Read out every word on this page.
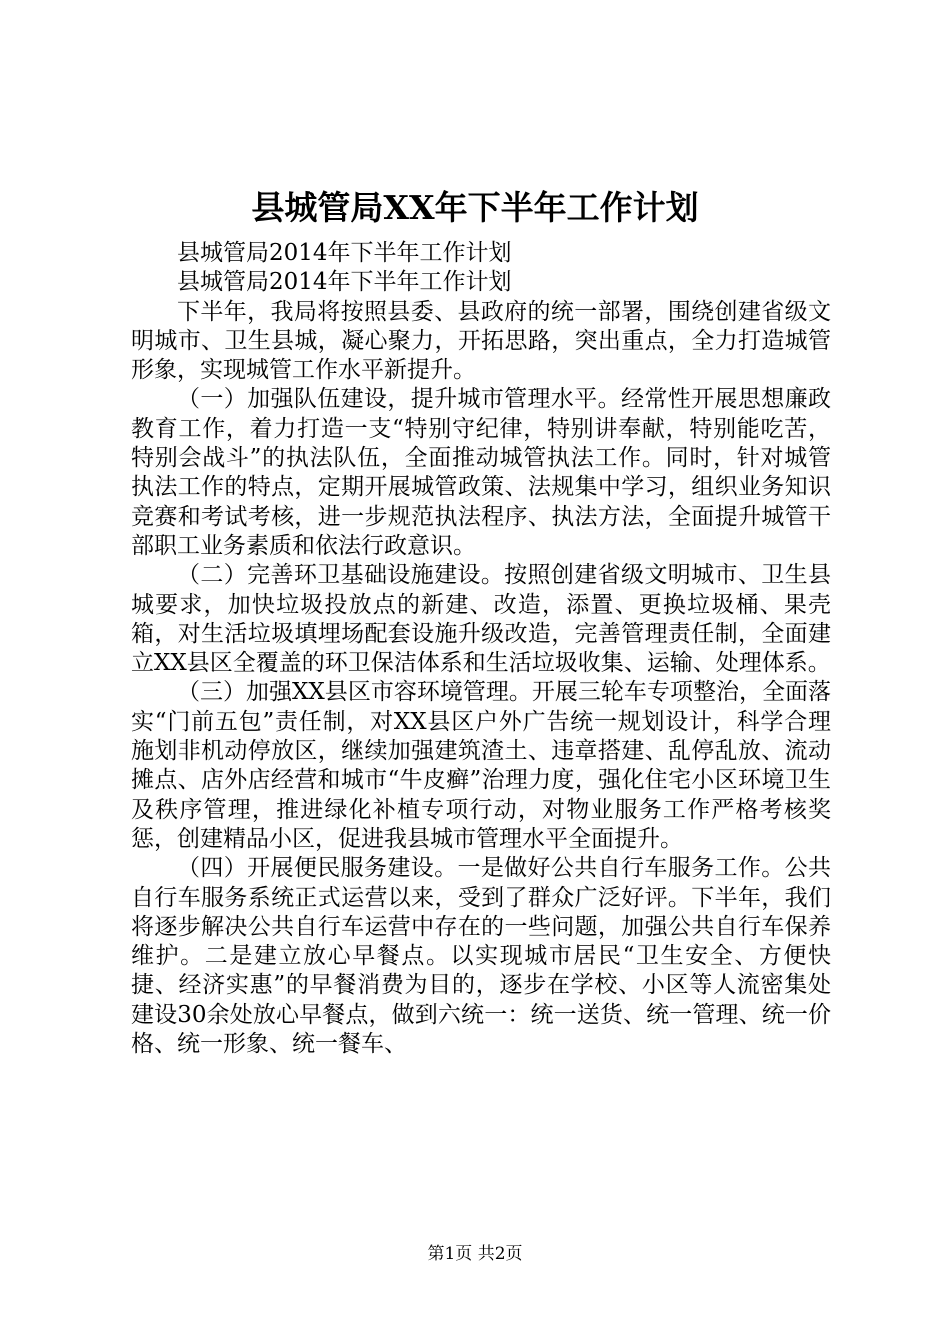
县城管局XX年下半年工作计划

县城管局2014年下半年工作计划

县城管局2014年下半年工作计划

下半年，我局将按照县委、县政府的统一部署，围绕创建省级文明城市、卫生县城，凝心聚力，开拓思路，突出重点，全力打造城管形象，实现城管工作水平新提升。

（一）加强队伍建设，提升城市管理水平。经常性开展思想廉政教育工作，着力打造一支“特别守纪律，特别讲奉献，特别能吃苦，特别会战斗”的执法队伍，全面推动城管执法工作。同时，针对城管执法工作的特点，定期开展城管政策、法规集中学习，组织业务知识竞赛和考试考核，进一步规范执法程序、执法方法，全面提升城管干部职工业务素质和依法行政意识。

（二）完善环卫基础设施建设。按照创建省级文明城市、卫生县城要求，加快垃圾投放点的新建、改造，添置、更换垃圾桶、果壳箱，对生活垃圾填埋场配套设施升级改造，完善管理责任制，全面建立XX县区全覆盖的环卫保洁体系和生活垃圾收集、运输、处理体系。

（三）加强XX县区市容环境管理。开展三轮车专项整治，全面落实“门前五包”责任制，对XX县区户外广告统一规划设计，科学合理施划非机动停放区，继续加强建筑渣土、违章搭建、乱停乱放、流动摊点、店外店经营和城市“牛皮癣”治理力度，强化住宅小区环境卫生及秩序管理，推进绿化补植专项行动，对物业服务工作严格考核奖惩，创建精品小区，促进我县城市管理水平全面提升。

（四）开展便民服务建设。一是做好公共自行车服务工作。公共自行车服务系统正式运营以来，受到了群众广泛好评。下半年，我们将逐步解决公共自行车运营中存在的一些问题，加强公共自行车保养维护。二是建立放心早餐点。以实现城市居民“卫生安全、方便快捷、经济实惠”的早餐消费为目的，逐步在学校、小区等人流密集处建设30余处放心早餐点，做到六统一：统一送货、统一管理、统一价格、统一形象、统一餐车、

第1页 共2页
